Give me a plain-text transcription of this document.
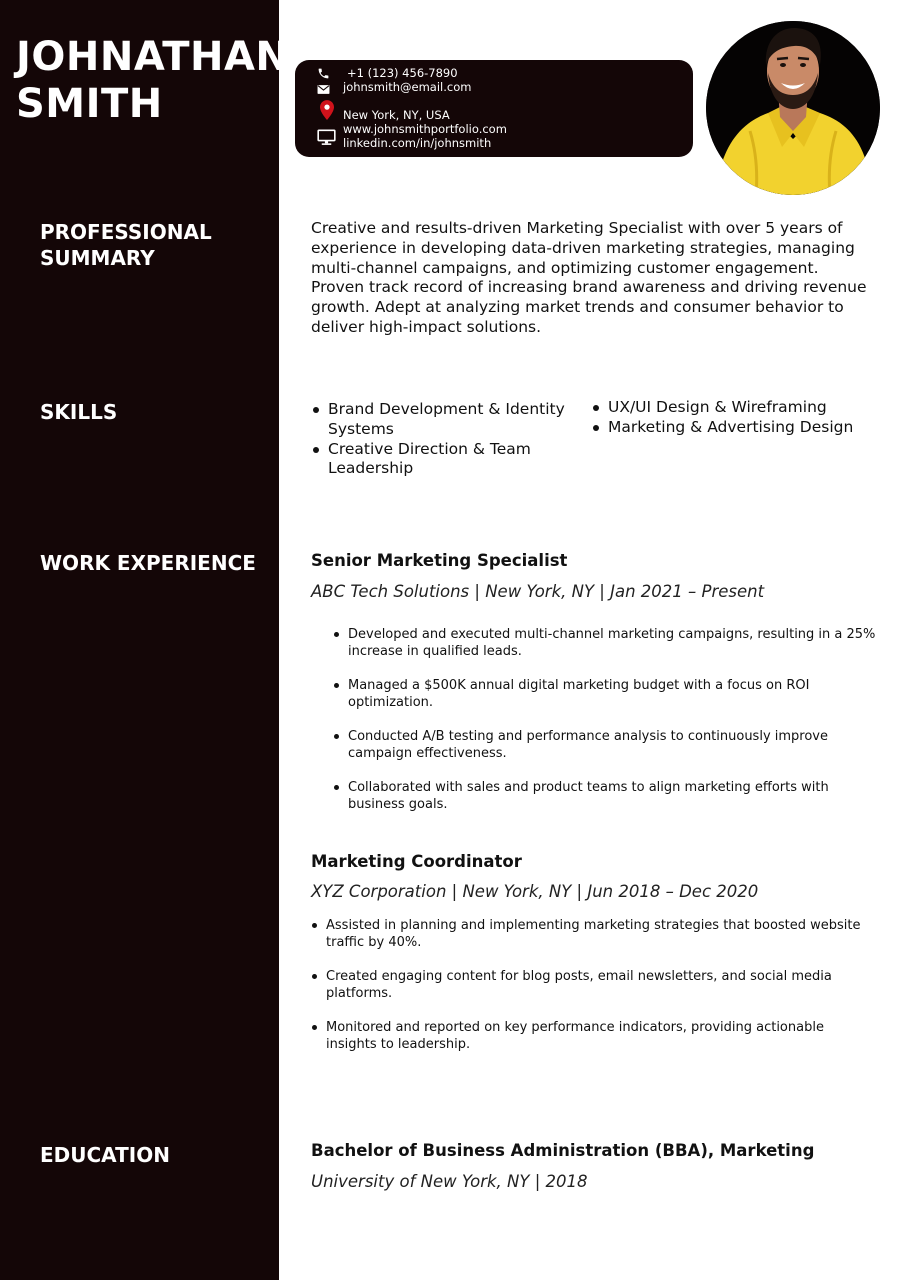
JOHNATHAN
SMITH
PROFESSIONAL
SUMMARY
SKILLS
WORK EXPERIENCE
EDUCATION
+1 (123) 456-7890
johnsmith@email.com
New York, NY, USA
www.johnsmithportfolio.com
linkedin.com/in/johnsmith

Creative and results-driven Marketing Specialist with over 5 years of experience in developing data-driven marketing strategies, managing multi-channel campaigns, and optimizing customer engagement. Proven track record of increasing brand awareness and driving revenue growth. Adept at analyzing market trends and consumer behavior to deliver high-impact solutions.

Brand Development & Identity Systems
Creative Direction & Team Leadership
UX/UI Design & Wireframing
Marketing & Advertising Design
Senior Marketing Specialist
ABC Tech Solutions | New York, NY | Jan 2021 – Present
Developed and executed multi-channel marketing campaigns, resulting in a 25% increase in qualified leads.
Managed a $500K annual digital marketing budget with a focus on ROI optimization.
Conducted A/B testing and performance analysis to continuously improve campaign effectiveness.
Collaborated with sales and product teams to align marketing efforts with business goals.
Marketing Coordinator
XYZ Corporation | New York, NY | Jun 2018 – Dec 2020
Assisted in planning and implementing marketing strategies that boosted website traffic by 40%.
Created engaging content for blog posts, email newsletters, and social media platforms.
Monitored and reported on key performance indicators, providing actionable insights to leadership.
Bachelor of Business Administration (BBA), Marketing
University of New York, NY | 2018
